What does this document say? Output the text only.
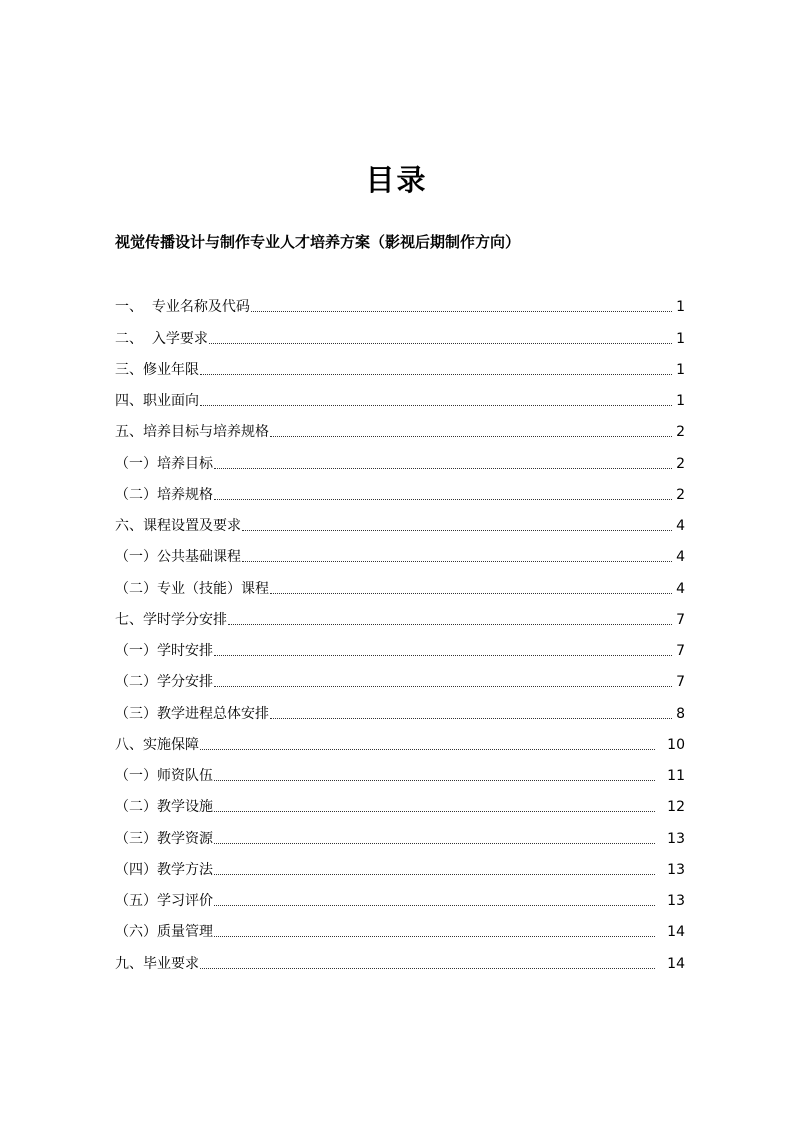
目录
视觉传播设计与制作专业人才培养方案（影视后期制作方向）
一、  专业名称及代码	1
二、  入学要求	1
三、修业年限	1
四、职业面向	1
五、培养目标与培养规格	2
（一）培养目标	2
（二）培养规格	2
六、课程设置及要求	4
（一）公共基础课程	4
（二）专业（技能）课程	4
七、学时学分安排	7
（一）学时安排	7
（二）学分安排	7
（三）教学进程总体安排	8
八、实施保障	10
（一）师资队伍	11
（二）教学设施	12
（三）教学资源	13
（四）教学方法	13
（五）学习评价	13
（六）质量管理	14
九、毕业要求	14
